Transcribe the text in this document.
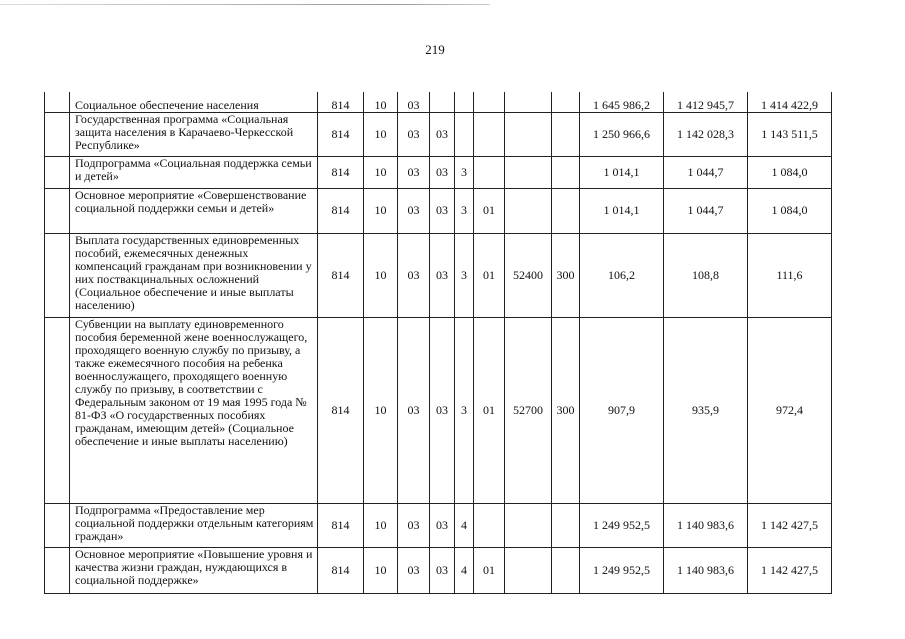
219
	Социальное обеспечение населения	814	10	03						1 645 986,2	1 412 945,7	1 414 422,9
	Государственная программа «Социальная защита населения в Карачаево-Черкесской Республике»	814	10	03	03					1 250 966,6	1 142 028,3	1 143 511,5
	Подпрограмма «Социальная поддержка семьи и детей»	814	10	03	03	3				1 014,1	1 044,7	1 084,0
	Основное мероприятие «Совершенствование социальной поддержки семьи и детей»	814	10	03	03	3	01			1 014,1	1 044,7	1 084,0
	Выплата государственных единовременных пособий, ежемесячных денежных компенсаций гражданам при возникновении у них поствакцинальных осложнений (Социальное обеспечение и иные выплаты населению)	814	10	03	03	3	01	52400	300	106,2	108,8	111,6
	Субвенции на выплату единовременного пособия беременной жене военнослужащего, проходящего военную службу по призыву, а также ежемесячного пособия на ребенка военнослужащего, проходящего военную службу по призыву, в соответствии с Федеральным законом от 19 мая 1995 года № 81-ФЗ «О государственных пособиях гражданам, имеющим детей» (Социальное обеспечение и иные выплаты населению)	814	10	03	03	3	01	52700	300	907,9	935,9	972,4
	Подпрограмма «Предоставление мер социальной поддержки отдельным категориям граждан»	814	10	03	03	4				1 249 952,5	1 140 983,6	1 142 427,5
	Основное мероприятие «Повышение уровня и качества жизни граждан, нуждающихся в социальной поддержке»	814	10	03	03	4	01			1 249 952,5	1 140 983,6	1 142 427,5
